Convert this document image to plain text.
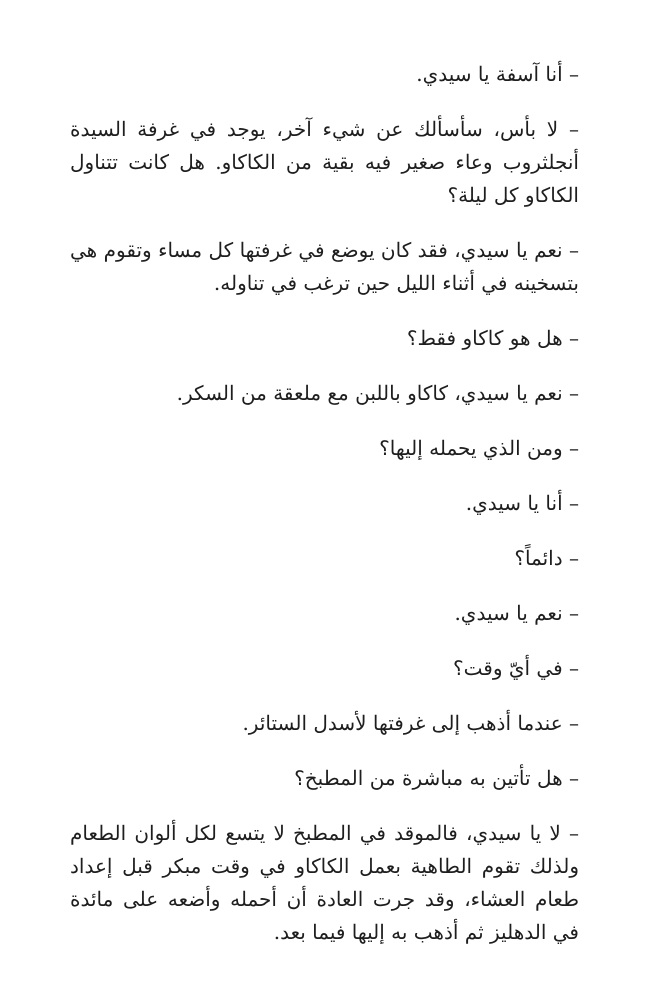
– أنا آسفة يا سيدي.

– لا بأس، سأسألك عن شيء آخر، يوجد في غرفة السيدة أنجلثروب وعاء صغير فيه بقية من الكاكاو. هل كانت تتناول الكاكاو كل ليلة؟

– نعم يا سيدي، فقد كان يوضع في غرفتها كل مساء وتقوم هي بتسخينه في أثناء الليل حين ترغب في تناوله.

– هل هو كاكاو فقط؟

– نعم يا سيدي، كاكاو باللبن مع ملعقة من السكر.

– ومن الذي يحمله إليها؟

– أنا يا سيدي.

– دائماً؟

– نعم يا سيدي.

– في أيّ وقت؟

– عندما أذهب إلى غرفتها لأسدل الستائر.

– هل تأتين به مباشرة من المطبخ؟

– لا يا سيدي، فالموقد في المطبخ لا يتسع لكل ألوان الطعام ولذلك تقوم الطاهية بعمل الكاكاو في وقت مبكر قبل إعداد طعام العشاء، وقد جرت العادة أن أحمله وأضعه على مائدة في الدهليز ثم أذهب به إليها فيما بعد.
